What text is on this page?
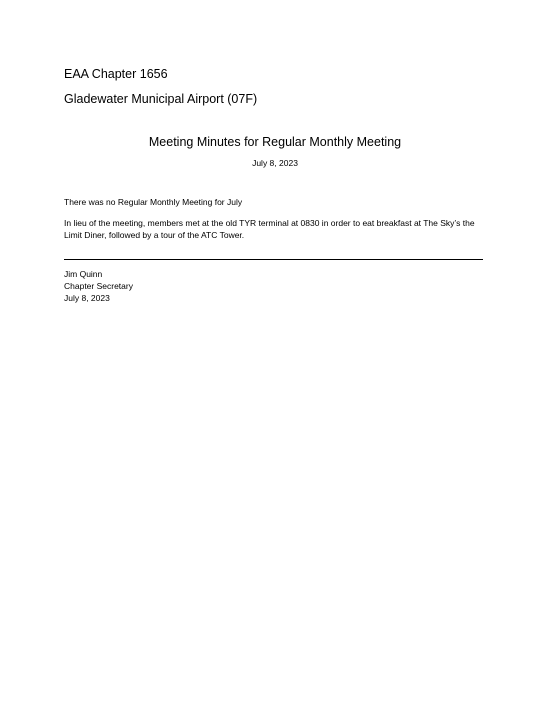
EAA Chapter 1656
Gladewater Municipal Airport (07F)
Meeting Minutes for Regular Monthly Meeting
July 8, 2023
There was no Regular Monthly Meeting for July
In lieu of the meeting, members met at the old TYR terminal at 0830 in order to eat breakfast at The Sky’s the Limit Diner, followed by a tour of the ATC Tower.
Jim Quinn
Chapter Secretary
July 8, 2023
